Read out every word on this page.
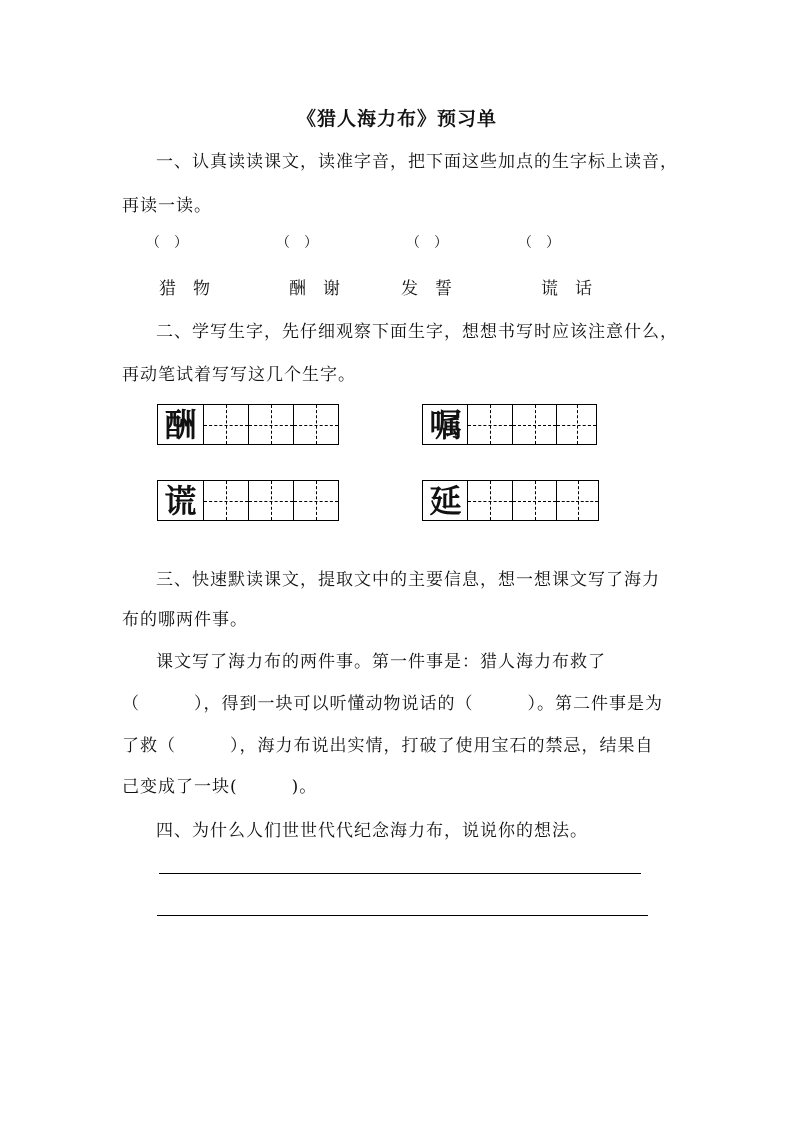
《猎人海力布》预习单
一、认真读读课文，读准字音，把下面这些加点的生字标上读音，
再读一读。
（　）	（　）	（　）	（　）
猎　物	酬　谢	发　誓	谎　话
二、学写生字，先仔细观察下面生字，想想书写时应该注意什么，
再动笔试着写写这几个生字。
酬	嘱
谎	延
三、快速默读课文，提取文中的主要信息，想一想课文写了海力
布的哪两件事。
课文写了海力布的两件事。第一件事是：猎人海力布救了
（　　　），得到一块可以听懂动物说话的（　　　）。第二件事是为
了救（　　　），海力布说出实情，打破了使用宝石的禁忌，结果自
己变成了一块(　　　)。
四、为什么人们世世代代纪念海力布，说说你的想法。
